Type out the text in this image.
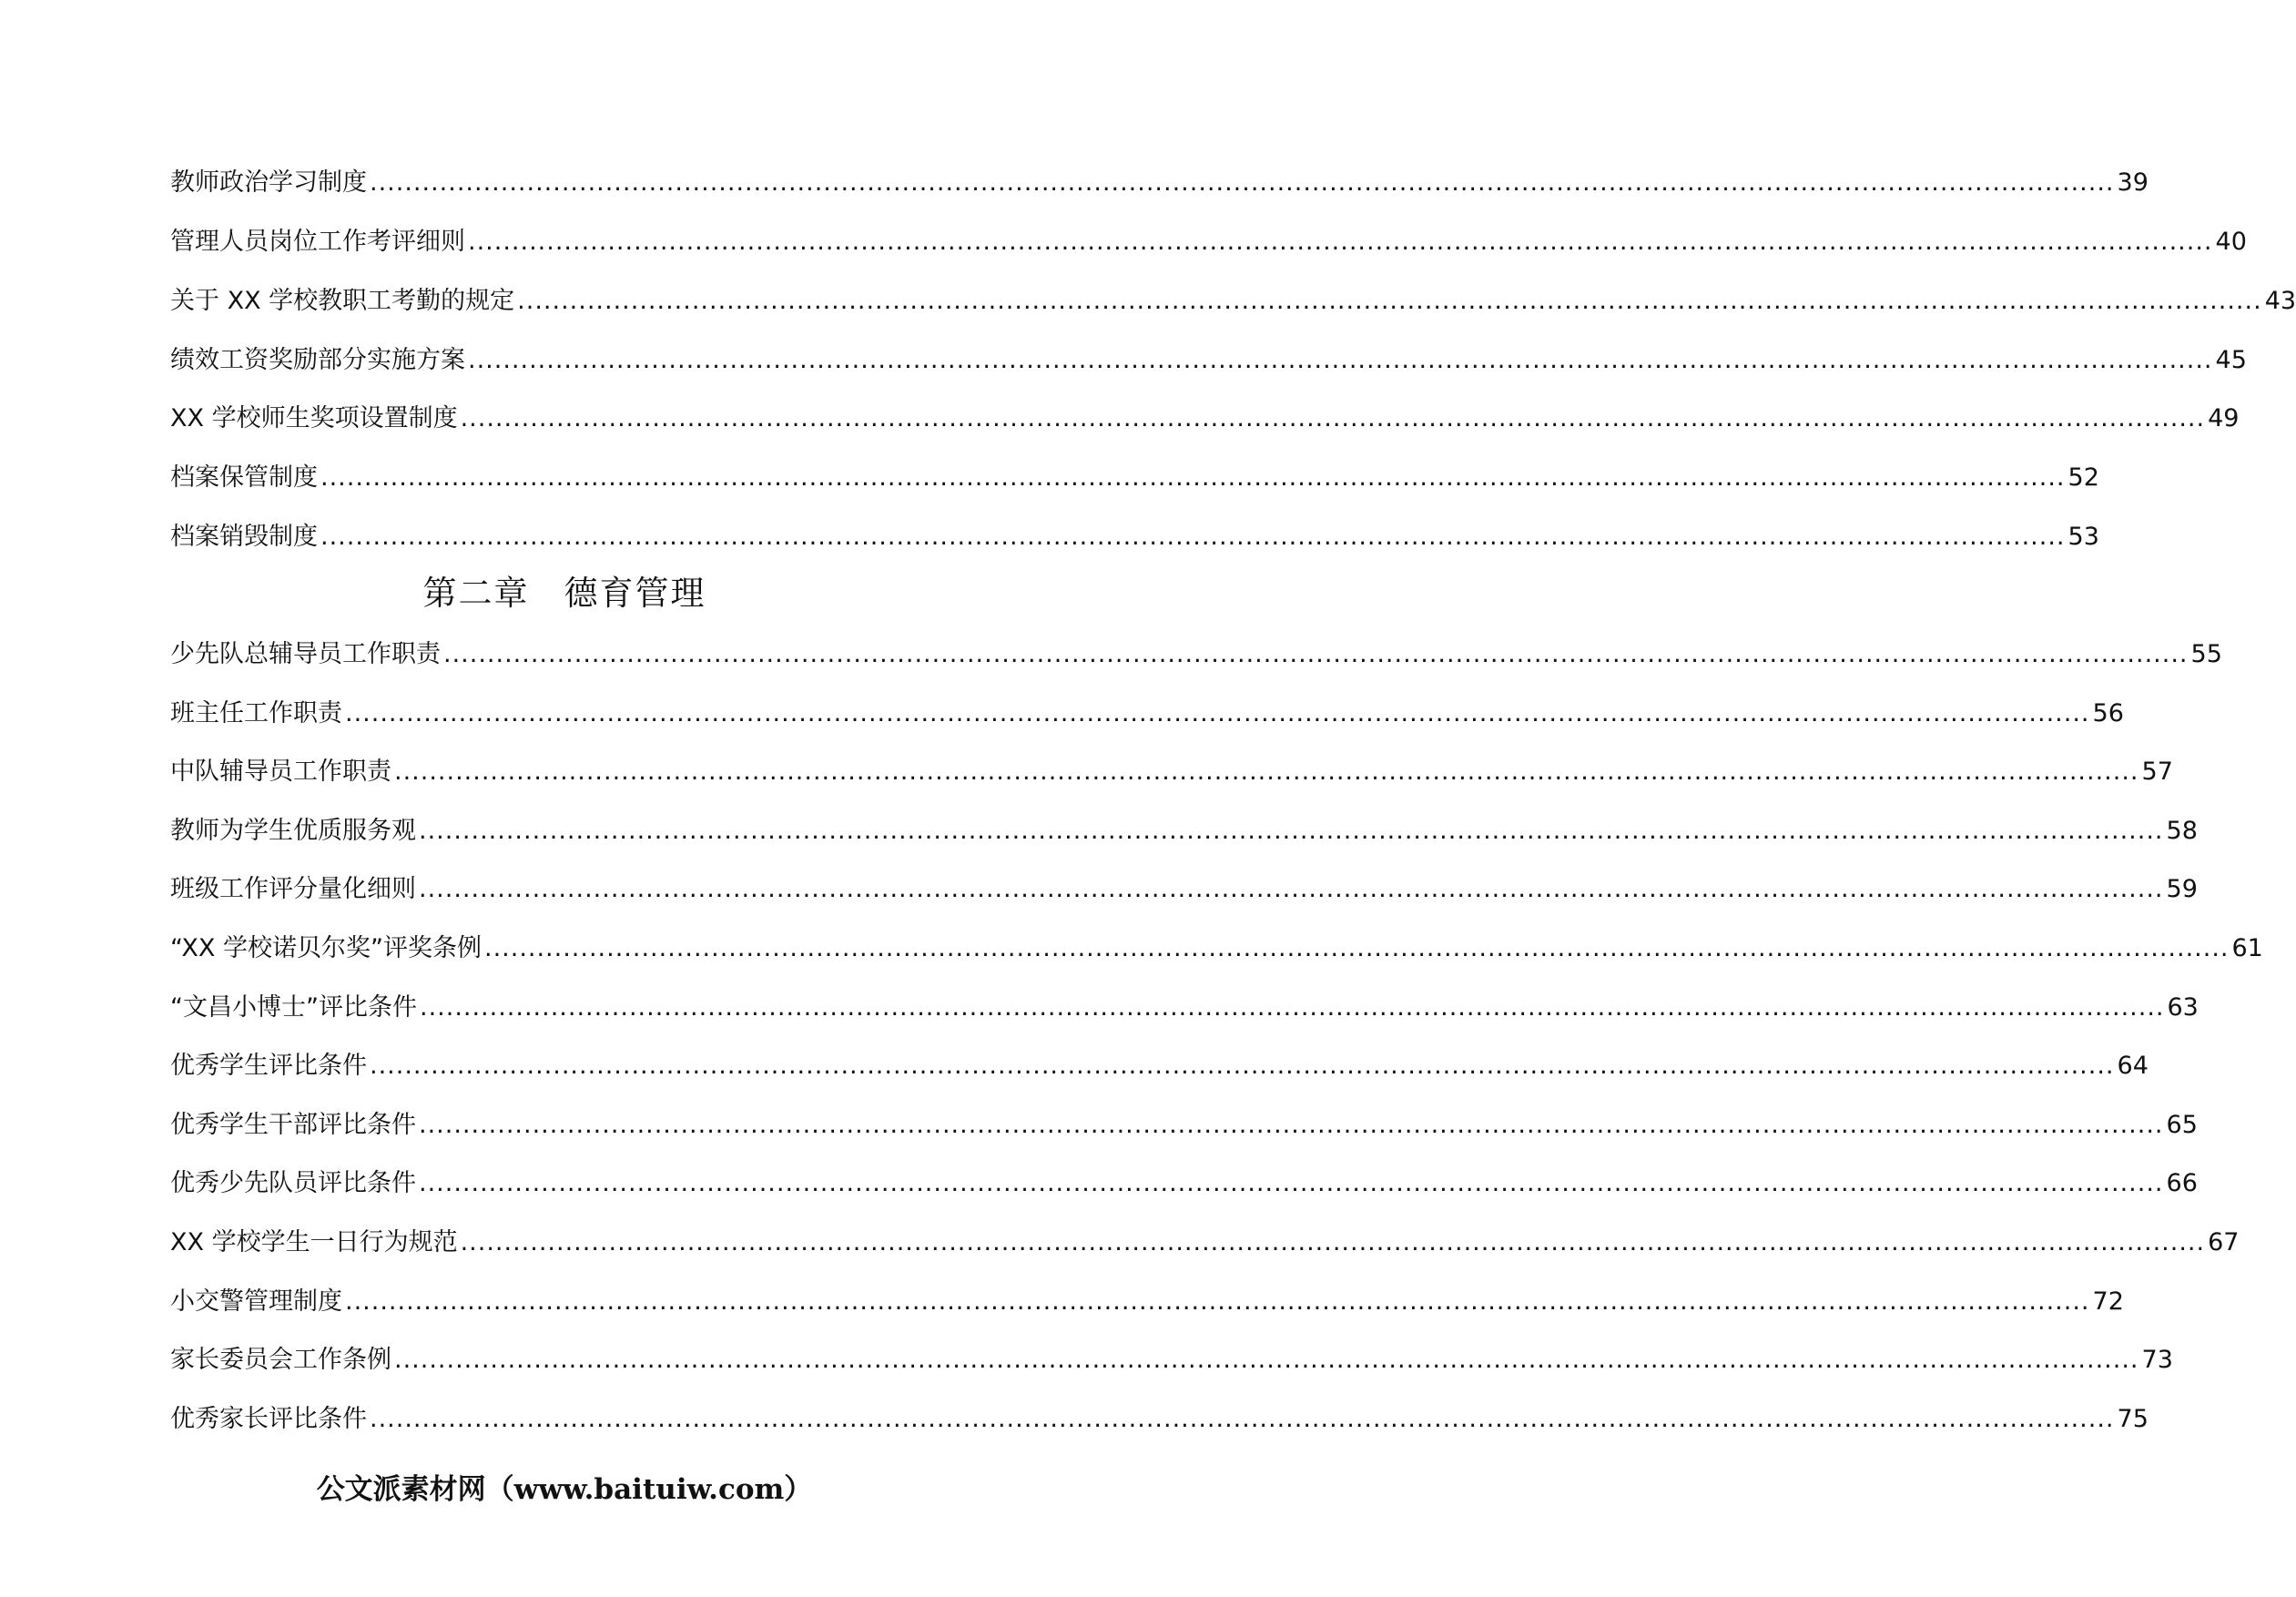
教师政治学习制度 ........................................................................................................................................................................................................ 39
管理人员岗位工作考评细则 ........................................................................................................................................................................................................ 40
关于 XX 学校教职工考勤的规定 ........................................................................................................................................................................................................ 43
绩效工资奖励部分实施方案 ........................................................................................................................................................................................................ 45
XX 学校师生奖项设置制度 ........................................................................................................................................................................................................ 49
档案保管制度 ........................................................................................................................................................................................................ 52
档案销毁制度 ........................................................................................................................................................................................................ 53
少先队总辅导员工作职责 ........................................................................................................................................................................................................ 55
班主任工作职责 ........................................................................................................................................................................................................ 56
中队辅导员工作职责 ........................................................................................................................................................................................................ 57
教师为学生优质服务观 ........................................................................................................................................................................................................ 58
班级工作评分量化细则 ........................................................................................................................................................................................................ 59
“XX 学校诺贝尔奖”评奖条例 ........................................................................................................................................................................................................ 61
“文昌小博士”评比条件 ........................................................................................................................................................................................................ 63
优秀学生评比条件 ........................................................................................................................................................................................................ 64
优秀学生干部评比条件 ........................................................................................................................................................................................................ 65
优秀少先队员评比条件 ........................................................................................................................................................................................................ 66
XX 学校学生一日行为规范 ........................................................................................................................................................................................................ 67
小交警管理制度 ........................................................................................................................................................................................................ 72
家长委员会工作条例 ........................................................................................................................................................................................................ 73
优秀家长评比条件 ........................................................................................................................................................................................................ 75
第二章 德育管理
公文派素材网（www.baituiw.com）
